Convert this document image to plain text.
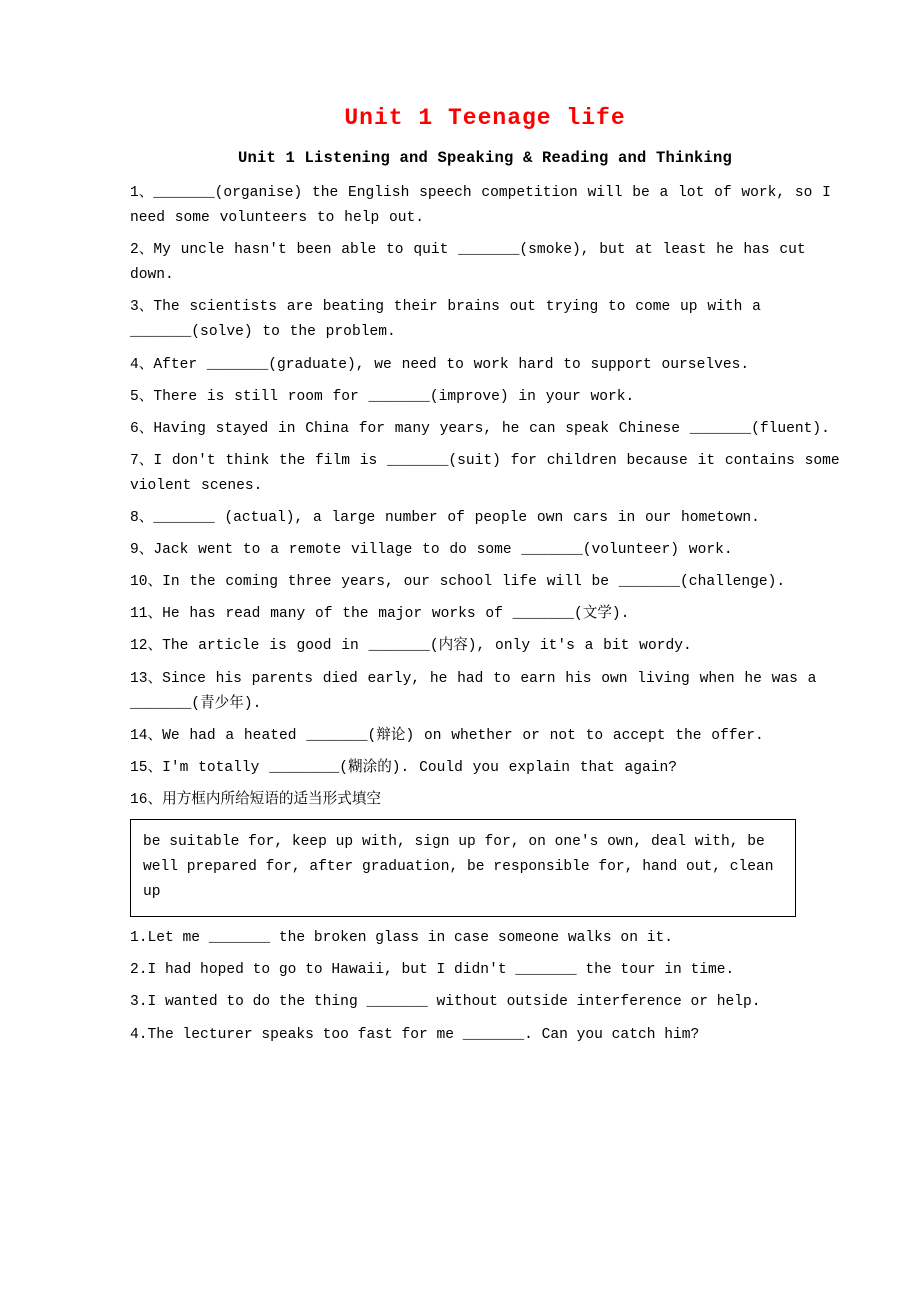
Unit 1 Teenage life
Unit 1 Listening and Speaking & Reading and Thinking

1、_______(organise) the English speech competition will be a lot of work, so I need some volunteers to help out.

2、My uncle hasn't been able to quit _______(smoke), but at least he has cut down.

3、The scientists are beating their brains out trying to come up with a _______(solve) to the problem.

4、After _______(graduate), we need to work hard to support ourselves.

5、There is still room for _______(improve) in your work.

6、Having stayed in China for many years, he can speak Chinese _______(fluent).

7、I don't think the film is _______(suit) for children because it contains some violent scenes.

8、_______ (actual), a large number of people own cars in our hometown.

9、Jack went to a remote village to do some _______(volunteer) work.

10、In the coming three years, our school life will be _______(challenge).

11、He has read many of the major works of _______(文学).

12、The article is good in _______(内容), only it's a bit wordy.

13、Since his parents died early, he had to earn his own living when he was a _______(青少年).

14、We had a heated _______(辩论) on whether or not to accept the offer.

15、I'm totally ________(糊涂的). Could you explain that again?

16、用方框内所给短语的适当形式填空
be suitable for, keep up with, sign up for, on one's own, deal with, be well prepared for, after graduation, be responsible for, hand out, clean up

1.Let me _______ the broken glass in case someone walks on it.

2.I had hoped to go to Hawaii, but I didn't _______ the tour in time.

3.I wanted to do the thing _______ without outside interference or help.

4.The lecturer speaks too fast for me _______. Can you catch him?
